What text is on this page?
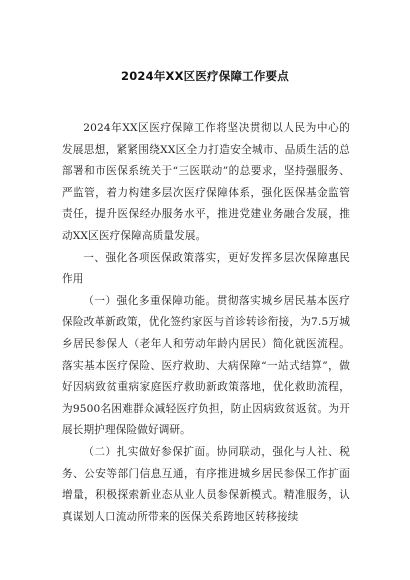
2024年XX区医疗保障工作要点

2024年XX区医疗保障工作将坚决贯彻以人民为中心的发展思想，紧紧围绕XX区全力打造安全城市、品质生活的总部署和市医保系统关于“三医联动”的总要求，坚持强服务、严监管，着力构建多层次医疗保障体系，强化医保基金监管责任，提升医保经办服务水平，推进党建业务融合发展，推动XX区医疗保障高质量发展。

一、强化各项医保政策落实，更好发挥多层次保障惠民作用

（一）强化多重保障功能。贯彻落实城乡居民基本医疗保险改革新政策，优化签约家医与首诊转诊衔接，为7.5万城乡居民参保人（老年人和劳动年龄内居民）简化就医流程。落实基本医疗保险、医疗救助、大病保障“一站式结算”，做好因病致贫重病家庭医疗救助新政策落地，优化救助流程，为9500名困难群众减轻医疗负担，防止因病致贫返贫。为开展长期护理保险做好调研。

（二）扎实做好参保扩面。协同联动，强化与人社、税务、公安等部门信息互通，有序推进城乡居民参保工作扩面增量，积极探索新业态从业人员参保新模式。精准服务，认真谋划人口流动所带来的医保关系跨地区转移接续
